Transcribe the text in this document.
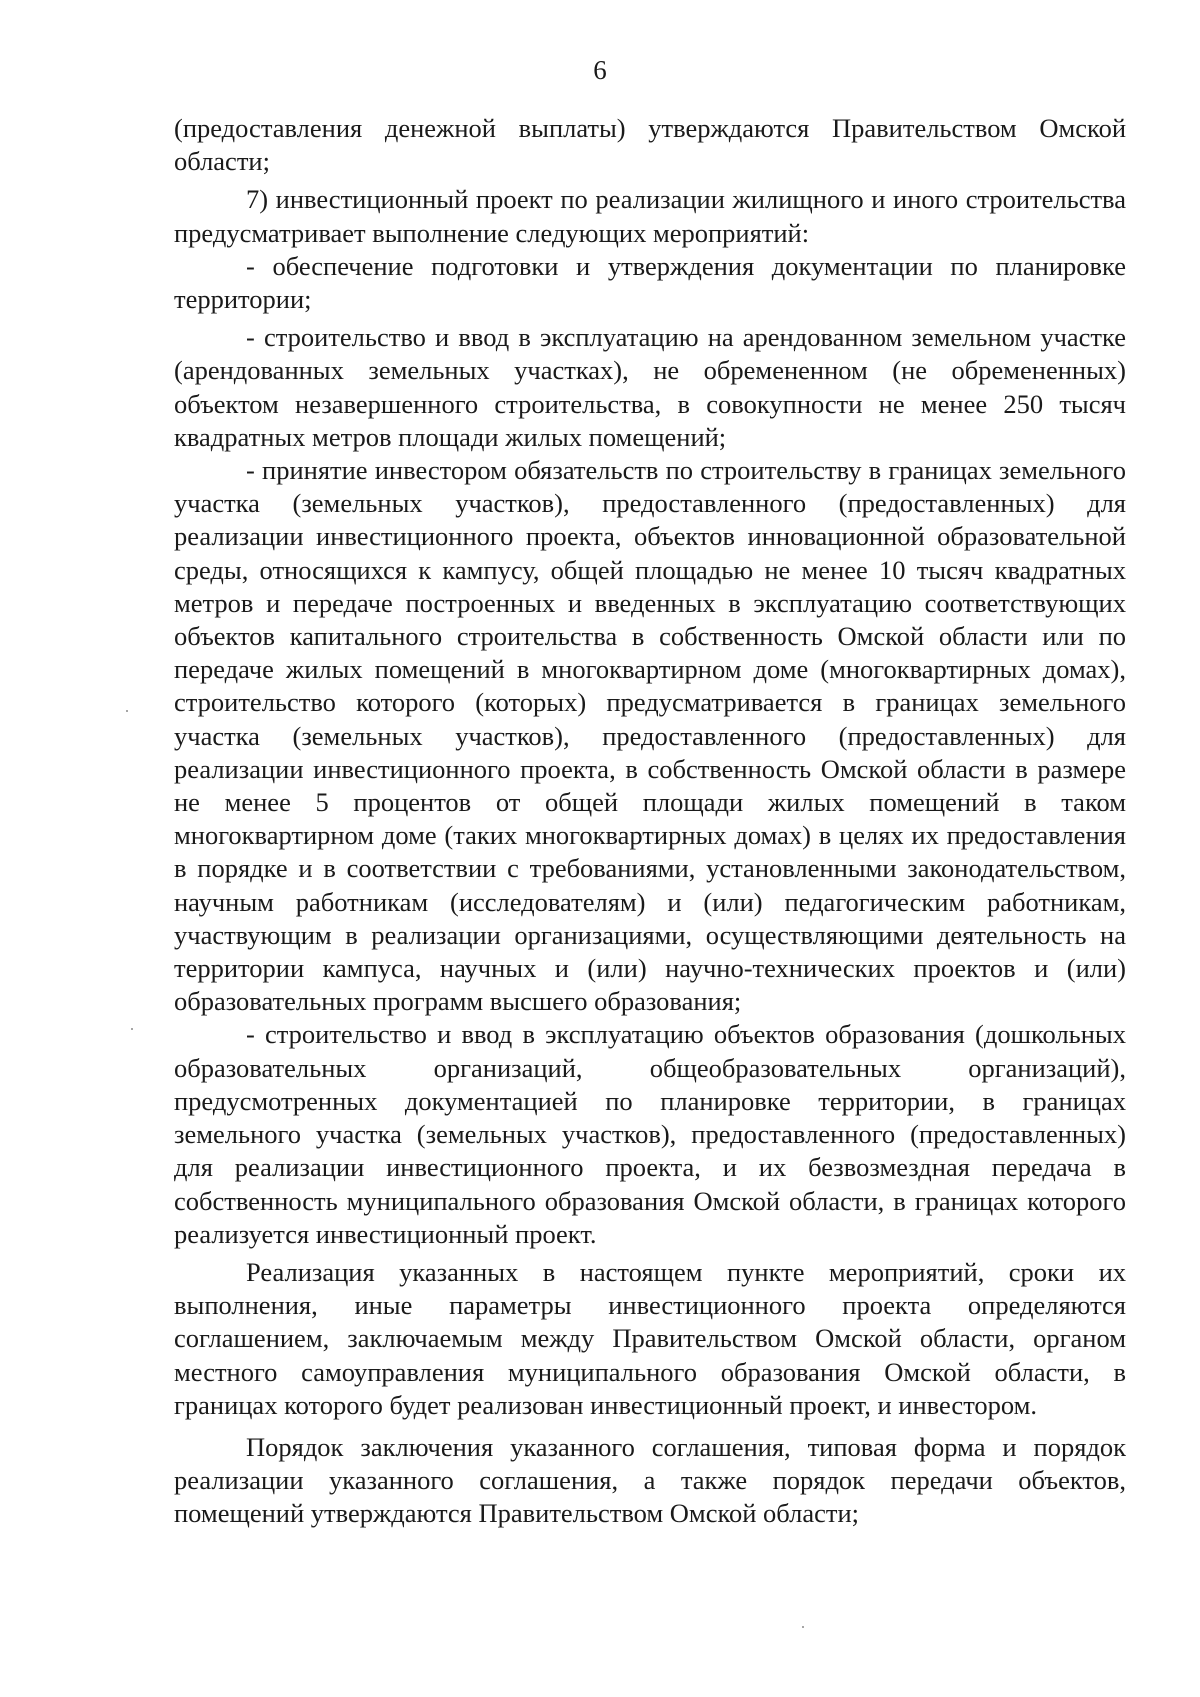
6

(предоставления денежной выплаты) утверждаются Правительством Омской области;

7) инвестиционный проект по реализации жилищного и иного строительства предусматривает выполнение следующих мероприятий:

- обеспечение подготовки и утверждения документации по планировке территории;

- строительство и ввод в эксплуатацию на арендованном земельном участке (арендованных земельных участках), не обремененном (не обремененных) объектом незавершенного строительства, в совокупности не менее 250 тысяч квадратных метров площади жилых помещений;

- принятие инвестором обязательств по строительству в границах земельного участка (земельных участков), предоставленного (предоставленных) для реализации инвестиционного проекта, объектов инновационной образовательной среды, относящихся к кампусу, общей площадью не менее 10 тысяч квадратных метров и передаче построенных и введенных в эксплуатацию соответствующих объектов капитального строительства в собственность Омской области или по передаче жилых помещений в многоквартирном доме (многоквартирных домах), строительство которого (которых) предусматривается в границах земельного участка (земельных участков), предоставленного (предоставленных) для реализации инвестиционного проекта, в собственность Омской области в размере не менее 5 процентов от общей площади жилых помещений в таком многоквартирном доме (таких многоквартирных домах) в целях их предоставления в порядке и в соответствии с требованиями, установленными законодательством, научным работникам (исследователям) и (или) педагогическим работникам, участвующим в реализации организациями, осуществляющими деятельность на территории кампуса, научных и (или) научно-технических проектов и (или) образовательных программ высшего образования;

- строительство и ввод в эксплуатацию объектов образования (дошкольных образовательных организаций, общеобразовательных организаций), предусмотренных документацией по планировке территории, в границах земельного участка (земельных участков), предоставленного (предоставленных) для реализации инвестиционного проекта, и их безвозмездная передача в собственность муниципального образования Омской области, в границах которого реализуется инвестиционный проект.

Реализация указанных в настоящем пункте мероприятий, сроки их выполнения, иные параметры инвестиционного проекта определяются соглашением, заключаемым между Правительством Омской области, органом местного самоуправления муниципального образования Омской области, в границах которого будет реализован инвестиционный проект, и инвестором.

Порядок заключения указанного соглашения, типовая форма и порядок реализации указанного соглашения, а также порядок передачи объектов, помещений утверждаются Правительством Омской области;
